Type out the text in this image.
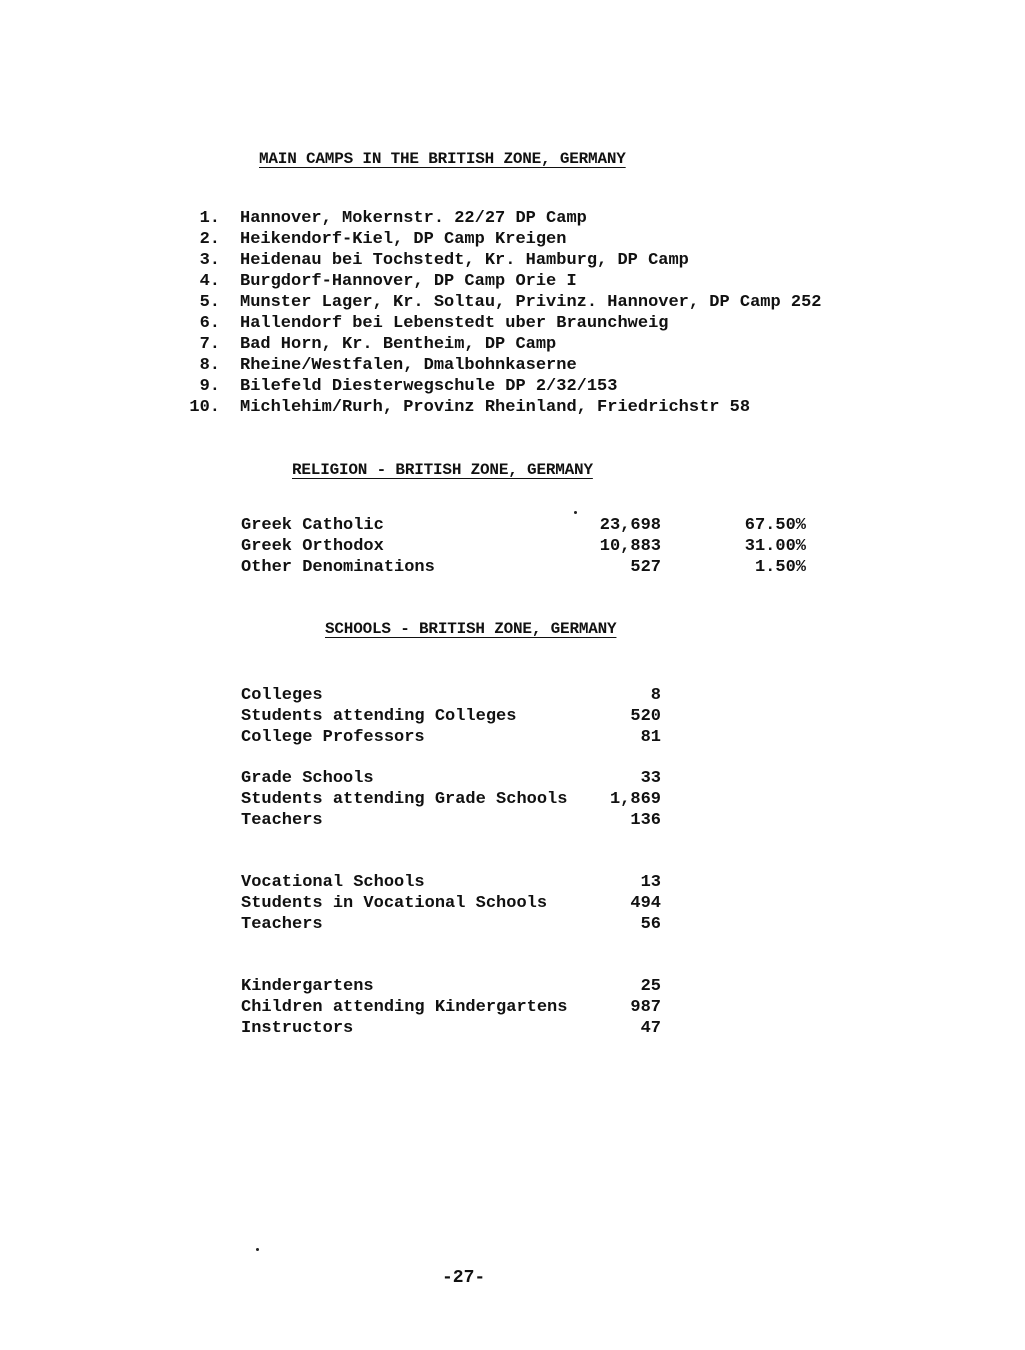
MAIN CAMPS IN THE BRITISH ZONE, GERMANY
1. Hannover, Mokernstr. 22/27 DP Camp
2. Heikendorf-Kiel, DP Camp Kreigen
3. Heidenau bei Tochstedt, Kr. Hamburg, DP Camp
4. Burgdorf-Hannover, DP Camp Orie I
5. Munster Lager, Kr. Soltau, Privinz. Hannover, DP Camp 252
6. Hallendorf bei Lebenstedt uber Braunchweig
7. Bad Horn, Kr. Bentheim, DP Camp
8. Rheine/Westfalen, Dmalbohnkaserne
9. Bilefeld Diesterwegschule DP 2/32/153
10. Michlehim/Rurh, Provinz Rheinland, Friedrichstr 58
RELIGION - BRITISH ZONE, GERMANY
Greek Catholic	23,698	67.50%
Greek Orthodox	10,883	31.00%
Other Denominations	527	1.50%
SCHOOLS - BRITISH ZONE, GERMANY
Colleges	8
Students attending Colleges	520
College Professors	81
Grade Schools	33
Students attending Grade Schools	1,869
Teachers	136
Vocational Schools	13
Students in Vocational Schools	494
Teachers	56
Kindergartens	25
Children attending Kindergartens	987
Instructors	47
-27-
